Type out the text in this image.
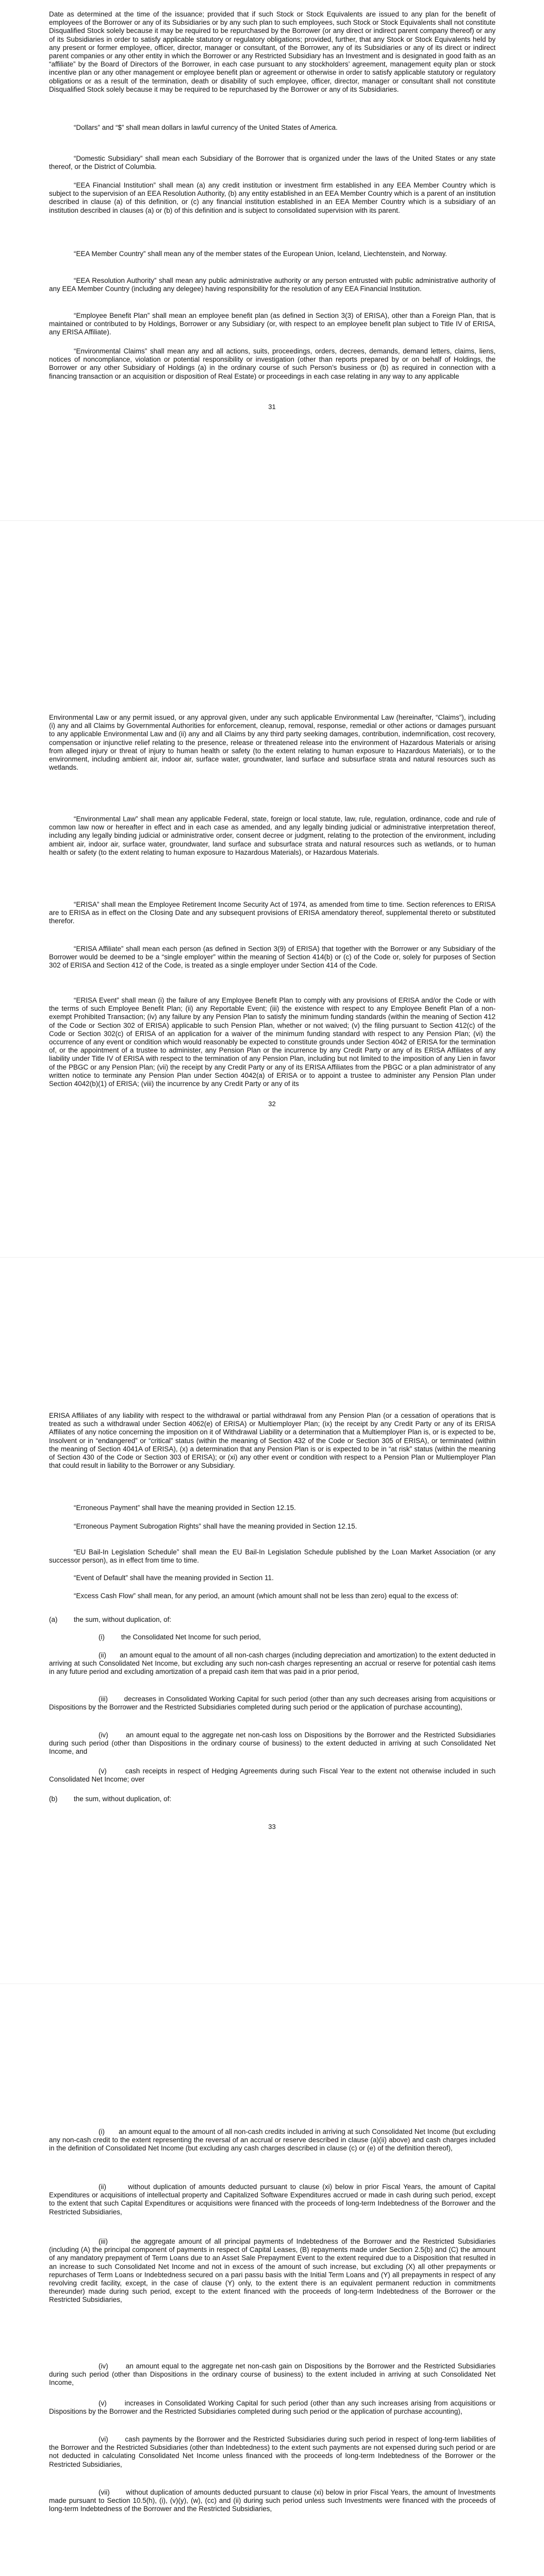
Date as determined at the time of the issuance; provided that if such Stock or Stock Equivalents are issued to any plan for the benefit of employees of the Borrower or any of its Subsidiaries or by any such plan to such employees, such Stock or Stock Equivalents shall not constitute Disqualified Stock solely because it may be required to be repurchased by the Borrower (or any direct or indirect parent company thereof) or any of its Subsidiaries in order to satisfy applicable statutory or regulatory obligations; provided, further, that any Stock or Stock Equivalents held by any present or former employee, officer, director, manager or consultant, of the Borrower, any of its Subsidiaries or any of its direct or indirect parent companies or any other entity in which the Borrower or any Restricted Subsidiary has an Investment and is designated in good faith as an “affiliate” by the Board of Directors of the Borrower, in each case pursuant to any stockholders’ agreement, management equity plan or stock incentive plan or any other management or employee benefit plan or agreement or otherwise in order to satisfy applicable statutory or regulatory obligations or as a result of the termination, death or disability of such employee, officer, director, manager or consultant shall not constitute Disqualified Stock solely because it may be required to be repurchased by the Borrower or any of its Subsidiaries.

“Dollars” and “$” shall mean dollars in lawful currency of the United States of America.

“Domestic Subsidiary” shall mean each Subsidiary of the Borrower that is organized under the laws of the United States or any state thereof, or the District of Columbia.

“EEA Financial Institution” shall mean (a) any credit institution or investment firm established in any EEA Member Country which is subject to the supervision of an EEA Resolution Authority, (b) any entity established in an EEA Member Country which is a parent of an institution described in clause (a) of this definition, or (c) any financial institution established in an EEA Member Country which is a subsidiary of an institution described in clauses (a) or (b) of this definition and is subject to consolidated supervision with its parent.

“EEA Member Country” shall mean any of the member states of the European Union, Iceland, Liechtenstein, and Norway.

“EEA Resolution Authority” shall mean any public administrative authority or any person entrusted with public administrative authority of any EEA Member Country (including any delegee) having responsibility for the resolution of any EEA Financial Institution.

“Employee Benefit Plan” shall mean an employee benefit plan (as defined in Section 3(3) of ERISA), other than a Foreign Plan, that is maintained or contributed to by Holdings, Borrower or any Subsidiary (or, with respect to an employee benefit plan subject to Title IV of ERISA, any ERISA Affiliate).

“Environmental Claims” shall mean any and all actions, suits, proceedings, orders, decrees, demands, demand letters, claims, liens, notices of noncompliance, violation or potential responsibility or investigation (other than reports prepared by or on behalf of Holdings, the Borrower or any other Subsidiary of Holdings (a) in the ordinary course of such Person’s business or (b) as required in connection with a financing transaction or an acquisition or disposition of Real Estate) or proceedings in each case relating in any way to any applicable

31

Environmental Law or any permit issued, or any approval given, under any such applicable Environmental Law (hereinafter, “Claims”), including (i) any and all Claims by Governmental Authorities for enforcement, cleanup, removal, response, remedial or other actions or damages pursuant to any applicable Environmental Law and (ii) any and all Claims by any third party seeking damages, contribution, indemnification, cost recovery, compensation or injunctive relief relating to the presence, release or threatened release into the environment of Hazardous Materials or arising from alleged injury or threat of injury to human health or safety (to the extent relating to human exposure to Hazardous Materials), or to the environment, including ambient air, indoor air, surface water, groundwater, land surface and subsurface strata and natural resources such as wetlands.

“Environmental Law” shall mean any applicable Federal, state, foreign or local statute, law, rule, regulation, ordinance, code and rule of common law now or hereafter in effect and in each case as amended, and any legally binding judicial or administrative interpretation thereof, including any legally binding judicial or administrative order, consent decree or judgment, relating to the protection of the environment, including ambient air, indoor air, surface water, groundwater, land surface and subsurface strata and natural resources such as wetlands, or to human health or safety (to the extent relating to human exposure to Hazardous Materials), or Hazardous Materials.

“ERISA” shall mean the Employee Retirement Income Security Act of 1974, as amended from time to time. Section references to ERISA are to ERISA as in effect on the Closing Date and any subsequent provisions of ERISA amendatory thereof, supplemental thereto or substituted therefor.

“ERISA Affiliate” shall mean each person (as defined in Section 3(9) of ERISA) that together with the Borrower or any Subsidiary of the Borrower would be deemed to be a “single employer” within the meaning of Section 414(b) or (c) of the Code or, solely for purposes of Section 302 of ERISA and Section 412 of the Code, is treated as a single employer under Section 414 of the Code.

“ERISA Event” shall mean (i) the failure of any Employee Benefit Plan to comply with any provisions of ERISA and/or the Code or with the terms of such Employee Benefit Plan; (ii) any Reportable Event; (iii) the existence with respect to any Employee Benefit Plan of a non-exempt Prohibited Transaction; (iv) any failure by any Pension Plan to satisfy the minimum funding standards (within the meaning of Section 412 of the Code or Section 302 of ERISA) applicable to such Pension Plan, whether or not waived; (v) the filing pursuant to Section 412(c) of the Code or Section 302(c) of ERISA of an application for a waiver of the minimum funding standard with respect to any Pension Plan; (vi) the occurrence of any event or condition which would reasonably be expected to constitute grounds under Section 4042 of ERISA for the termination of, or the appointment of a trustee to administer, any Pension Plan or the incurrence by any Credit Party or any of its ERISA Affiliates of any liability under Title IV of ERISA with respect to the termination of any Pension Plan, including but not limited to the imposition of any Lien in favor of the PBGC or any Pension Plan; (vii) the receipt by any Credit Party or any of its ERISA Affiliates from the PBGC or a plan administrator of any written notice to terminate any Pension Plan under Section 4042(a) of ERISA or to appoint a trustee to administer any Pension Plan under Section 4042(b)(1) of ERISA; (viii) the incurrence by any Credit Party or any of its

32

ERISA Affiliates of any liability with respect to the withdrawal or partial withdrawal from any Pension Plan (or a cessation of operations that is treated as such a withdrawal under Section 4062(e) of ERISA) or Multiemployer Plan; (ix) the receipt by any Credit Party or any of its ERISA Affiliates of any notice concerning the imposition on it of Withdrawal Liability or a determination that a Multiemployer Plan is, or is expected to be, Insolvent or in “endangered” or “critical” status (within the meaning of Section 432 of the Code or Section 305 of ERISA), or terminated (within the meaning of Section 4041A of ERISA), (x) a determination that any Pension Plan is or is expected to be in “at risk” status (within the meaning of Section 430 of the Code or Section 303 of ERISA); or (xi) any other event or condition with respect to a Pension Plan or Multiemployer Plan that could result in liability to the Borrower or any Subsidiary.

“Erroneous Payment” shall have the meaning provided in Section 12.15.

“Erroneous Payment Subrogation Rights” shall have the meaning provided in Section 12.15.

“EU Bail-In Legislation Schedule” shall mean the EU Bail-In Legislation Schedule published by the Loan Market Association (or any successor person), as in effect from time to time.

“Event of Default” shall have the meaning provided in Section 11.

“Excess Cash Flow” shall mean, for any period, an amount (which amount shall not be less than zero) equal to the excess of:

(a) the sum, without duplication, of:
(i) the Consolidated Net Income for such period,

(ii) an amount equal to the amount of all non-cash charges (including depreciation and amortization) to the extent deducted in arriving at such Consolidated Net Income, but excluding any such non-cash charges representing an accrual or reserve for potential cash items in any future period and excluding amortization of a prepaid cash item that was paid in a prior period,

(iii) decreases in Consolidated Working Capital for such period (other than any such decreases arising from acquisitions or Dispositions by the Borrower and the Restricted Subsidiaries completed during such period or the application of purchase accounting),

(iv)	an amount equal to the aggregate net non-cash loss on Dispositions by the Borrower and the Restricted Subsidiaries during such period (other than Dispositions in the ordinary course of business) to the extent deducted in arriving at such Consolidated Net Income, and

(v)	cash receipts in respect of Hedging Agreements during such Fiscal Year to the extent not otherwise included in such Consolidated Net Income; over

(b) the sum, without duplication, of:
33

(i) an amount equal to the amount of all non-cash credits included in arriving at such Consolidated Net Income (but excluding any non-cash credit to the extent representing the reversal of an accrual or reserve described in clause (a)(ii) above) and cash charges included in the definition of Consolidated Net Income (but excluding any cash charges described in clause (c) or (e) of the definition thereof),

(ii)	without duplication of amounts deducted pursuant to clause (xi) below in prior Fiscal Years, the amount of Capital Expenditures or acquisitions of intellectual property and Capitalized Software Expenditures accrued or made in cash during such period, except to the extent that such Capital Expenditures or acquisitions were financed with the proceeds of long-term Indebtedness of the Borrower and the Restricted Subsidiaries,

(iii)	the aggregate amount of all principal payments of Indebtedness of the Borrower and the Restricted Subsidiaries (including (A) the principal component of payments in respect of Capital Leases, (B) repayments made under Section 2.5(b) and (C) the amount of any mandatory prepayment of Term Loans due to an Asset Sale Prepayment Event to the extent required due to a Disposition that resulted in an increase to such Consolidated Net Income and not in excess of the amount of such increase, but excluding (X) all other prepayments or repurchases of Term Loans or Indebtedness secured on a pari passu basis with the Initial Term Loans and (Y) all prepayments in respect of any revolving credit facility, except, in the case of clause (Y) only, to the extent there is an equivalent permanent reduction in commitments thereunder) made during such period, except to the extent financed with the proceeds of long-term Indebtedness of the Borrower or the Restricted Subsidiaries,

(iv)	an amount equal to the aggregate net non-cash gain on Dispositions by the Borrower and the Restricted Subsidiaries during such period (other than Dispositions in the ordinary course of business) to the extent included in arriving at such Consolidated Net Income,

(v)	increases in Consolidated Working Capital for such period (other than any such increases arising from acquisitions or Dispositions by the Borrower and the Restricted Subsidiaries completed during such period or the application of purchase accounting),

(vi) cash payments by the Borrower and the Restricted Subsidiaries during such period in respect of long-term liabilities of the Borrower and the Restricted Subsidiaries (other than Indebtedness) to the extent such payments are not expensed during such period or are not deducted in calculating Consolidated Net Income unless financed with the proceeds of long-term Indebtedness of the Borrower or the Restricted Subsidiaries,

(vii) without duplication of amounts deducted pursuant to clause (xi) below in prior Fiscal Years, the amount of Investments made pursuant to Section 10.5(h), (i), (v)(y), (w), (cc) and (ii) during such period unless such Investments were financed with the proceeds of long-term Indebtedness of the Borrower and the Restricted Subsidiaries,
